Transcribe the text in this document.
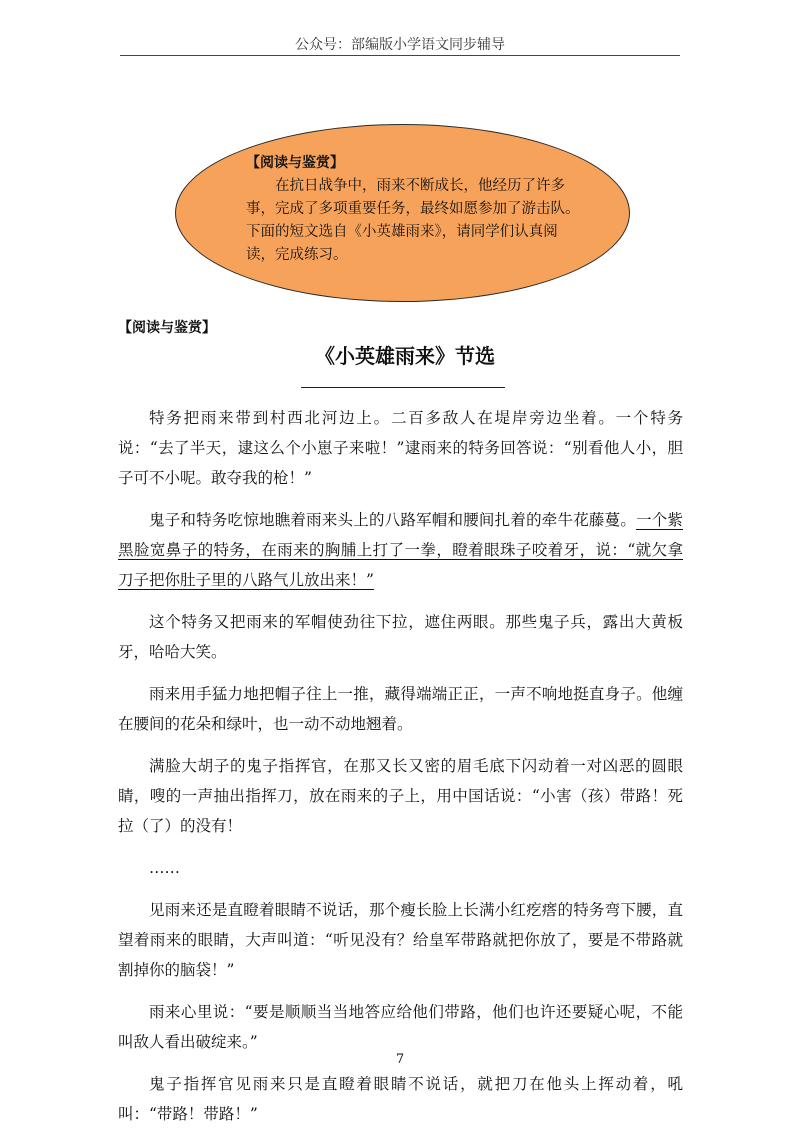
公众号：部编版小学语文同步辅导
【阅读与鉴赏】
在抗日战争中，雨来不断成长，他经历了许多事，完成了多项重要任务，最终如愿参加了游击队。下面的短文选自《小英雄雨来》，请同学们认真阅读，完成练习。
【阅读与鉴赏】
《小英雄雨来》节选

特务把雨来带到村西北河边上。二百多敌人在堤岸旁边坐着。一个特务说：“去了半天，逮这么个小崽子来啦！”逮雨来的特务回答说：“别看他人小，胆子可不小呢。敢夺我的枪！”

鬼子和特务吃惊地瞧着雨来头上的八路军帽和腰间扎着的牵牛花藤蔓。一个紫黑脸宽鼻子的特务，在雨来的胸脯上打了一拳，瞪着眼珠子咬着牙，说：“就欠拿刀子把你肚子里的八路气儿放出来！”

这个特务又把雨来的军帽使劲往下拉，遮住两眼。那些鬼子兵，露出大黄板牙，哈哈大笑。

雨来用手猛力地把帽子往上一推，藏得端端正正，一声不响地挺直身子。他缠在腰间的花朵和绿叶，也一动不动地翘着。

满脸大胡子的鬼子指挥官，在那又长又密的眉毛底下闪动着一对凶恶的圆眼睛，嗖的一声抽出指挥刀，放在雨来的子上，用中国话说：“小害（孩）带路！死拉（了）的没有！

……

见雨来还是直瞪着眼睛不说话，那个瘦长脸上长满小红疙瘩的特务弯下腰，直望着雨来的眼睛，大声叫道：“听见没有？给皇军带路就把你放了，要是不带路就割掉你的脑袋！”

雨来心里说：“要是顺顺当当地答应给他们带路，他们也许还要疑心呢，不能叫敌人看出破绽来。”

鬼子指挥官见雨来只是直瞪着眼睛不说话，就把刀在他头上挥动着，吼叫：“带路！带路！”

7
